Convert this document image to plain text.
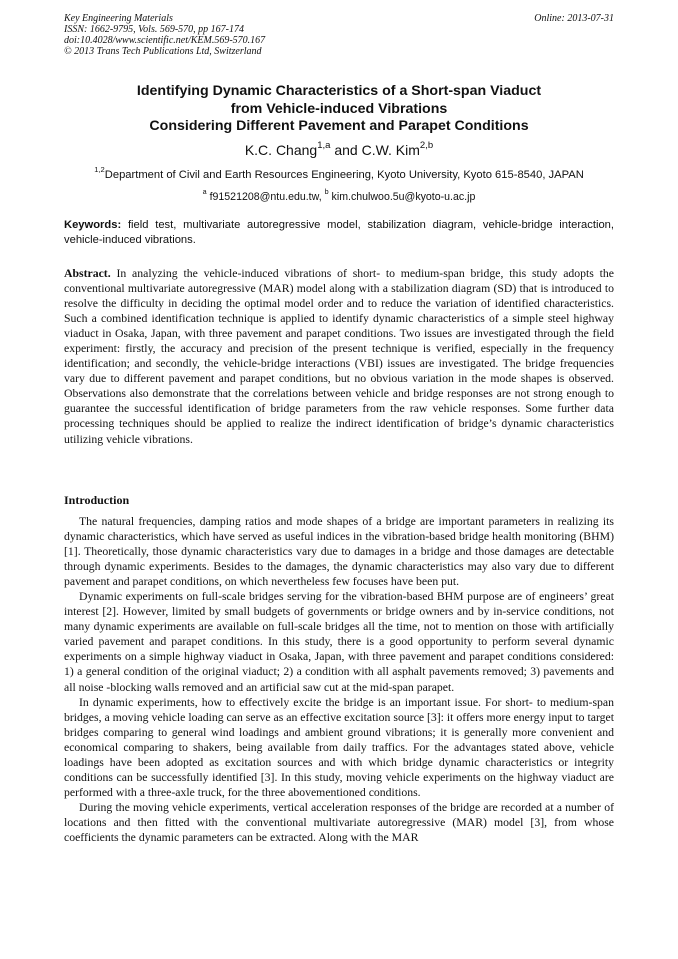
Key Engineering Materials
ISSN: 1662-9795, Vols. 569-570, pp 167-174
doi:10.4028/www.scientific.net/KEM.569-570.167
© 2013 Trans Tech Publications Ltd, Switzerland
Online: 2013-07-31
Identifying Dynamic Characteristics of a Short-span Viaduct
from Vehicle-induced Vibrations
Considering Different Pavement and Parapet Conditions
K.C. Chang$^{1,a}$ and C.W. Kim$^{2,b}$
$^{1,2}$Department of Civil and Earth Resources Engineering, Kyoto University, Kyoto 615-8540, JAPAN
$^a$ f91521208@ntu.edu.tw, $^b$ kim.chulwoo.5u@kyoto-u.ac.jp
Keywords: field test, multivariate autoregressive model, stabilization diagram, vehicle-bridge interaction, vehicle-induced vibrations.
Abstract. In analyzing the vehicle-induced vibrations of short- to medium-span bridge, this study adopts the conventional multivariate autoregressive (MAR) model along with a stabilization diagram (SD) that is introduced to resolve the difficulty in deciding the optimal model order and to reduce the variation of identified characteristics. Such a combined identification technique is applied to identify dynamic characteristics of a simple steel highway viaduct in Osaka, Japan, with three pavement and parapet conditions. Two issues are investigated through the field experiment: firstly, the accuracy and precision of the present technique is verified, especially in the frequency identification; and secondly, the vehicle-bridge interactions (VBI) issues are investigated. The bridge frequencies vary due to different pavement and parapet conditions, but no obvious variation in the mode shapes is observed. Observations also demonstrate that the correlations between vehicle and bridge responses are not strong enough to guarantee the successful identification of bridge parameters from the raw vehicle responses. Some further data processing techniques should be applied to realize the indirect identification of bridge’s dynamic characteristics utilizing vehicle vibrations.
Introduction

The natural frequencies, damping ratios and mode shapes of a bridge are important parameters in realizing its dynamic characteristics, which have served as useful indices in the vibration-based bridge health monitoring (BHM) [1]. Theoretically, those dynamic characteristics vary due to damages in a bridge and those damages are detectable through dynamic experiments. Besides to the damages, the dynamic characteristics may also vary due to different pavement and parapet conditions, on which nevertheless few focuses have been put.

Dynamic experiments on full-scale bridges serving for the vibration-based BHM purpose are of engineers’ great interest [2]. However, limited by small budgets of governments or bridge owners and by in-service conditions, not many dynamic experiments are available on full-scale bridges all the time, not to mention on those with artificially varied pavement and parapet conditions. In this study, there is a good opportunity to perform several dynamic experiments on a simple highway viaduct in Osaka, Japan, with three pavement and parapet conditions considered: 1) a general condition of the original viaduct; 2) a condition with all asphalt pavements removed; 3) pavements and all noise -blocking walls removed and an artificial saw cut at the mid-span parapet.

In dynamic experiments, how to effectively excite the bridge is an important issue. For short- to medium-span bridges, a moving vehicle loading can serve as an effective excitation source [3]: it offers more energy input to target bridges comparing to general wind loadings and ambient ground vibrations; it is generally more convenient and economical comparing to shakers, being available from daily traffics. For the advantages stated above, vehicle loadings have been adopted as excitation sources and with which bridge dynamic characteristics or integrity conditions can be successfully identified [3]. In this study, moving vehicle experiments on the highway viaduct are performed with a three-axle truck, for the three abovementioned conditions.

During the moving vehicle experiments, vertical acceleration responses of the bridge are recorded at a number of locations and then fitted with the conventional multivariate autoregressive (MAR) model [3], from whose coefficients the dynamic parameters can be extracted. Along with the MAR
